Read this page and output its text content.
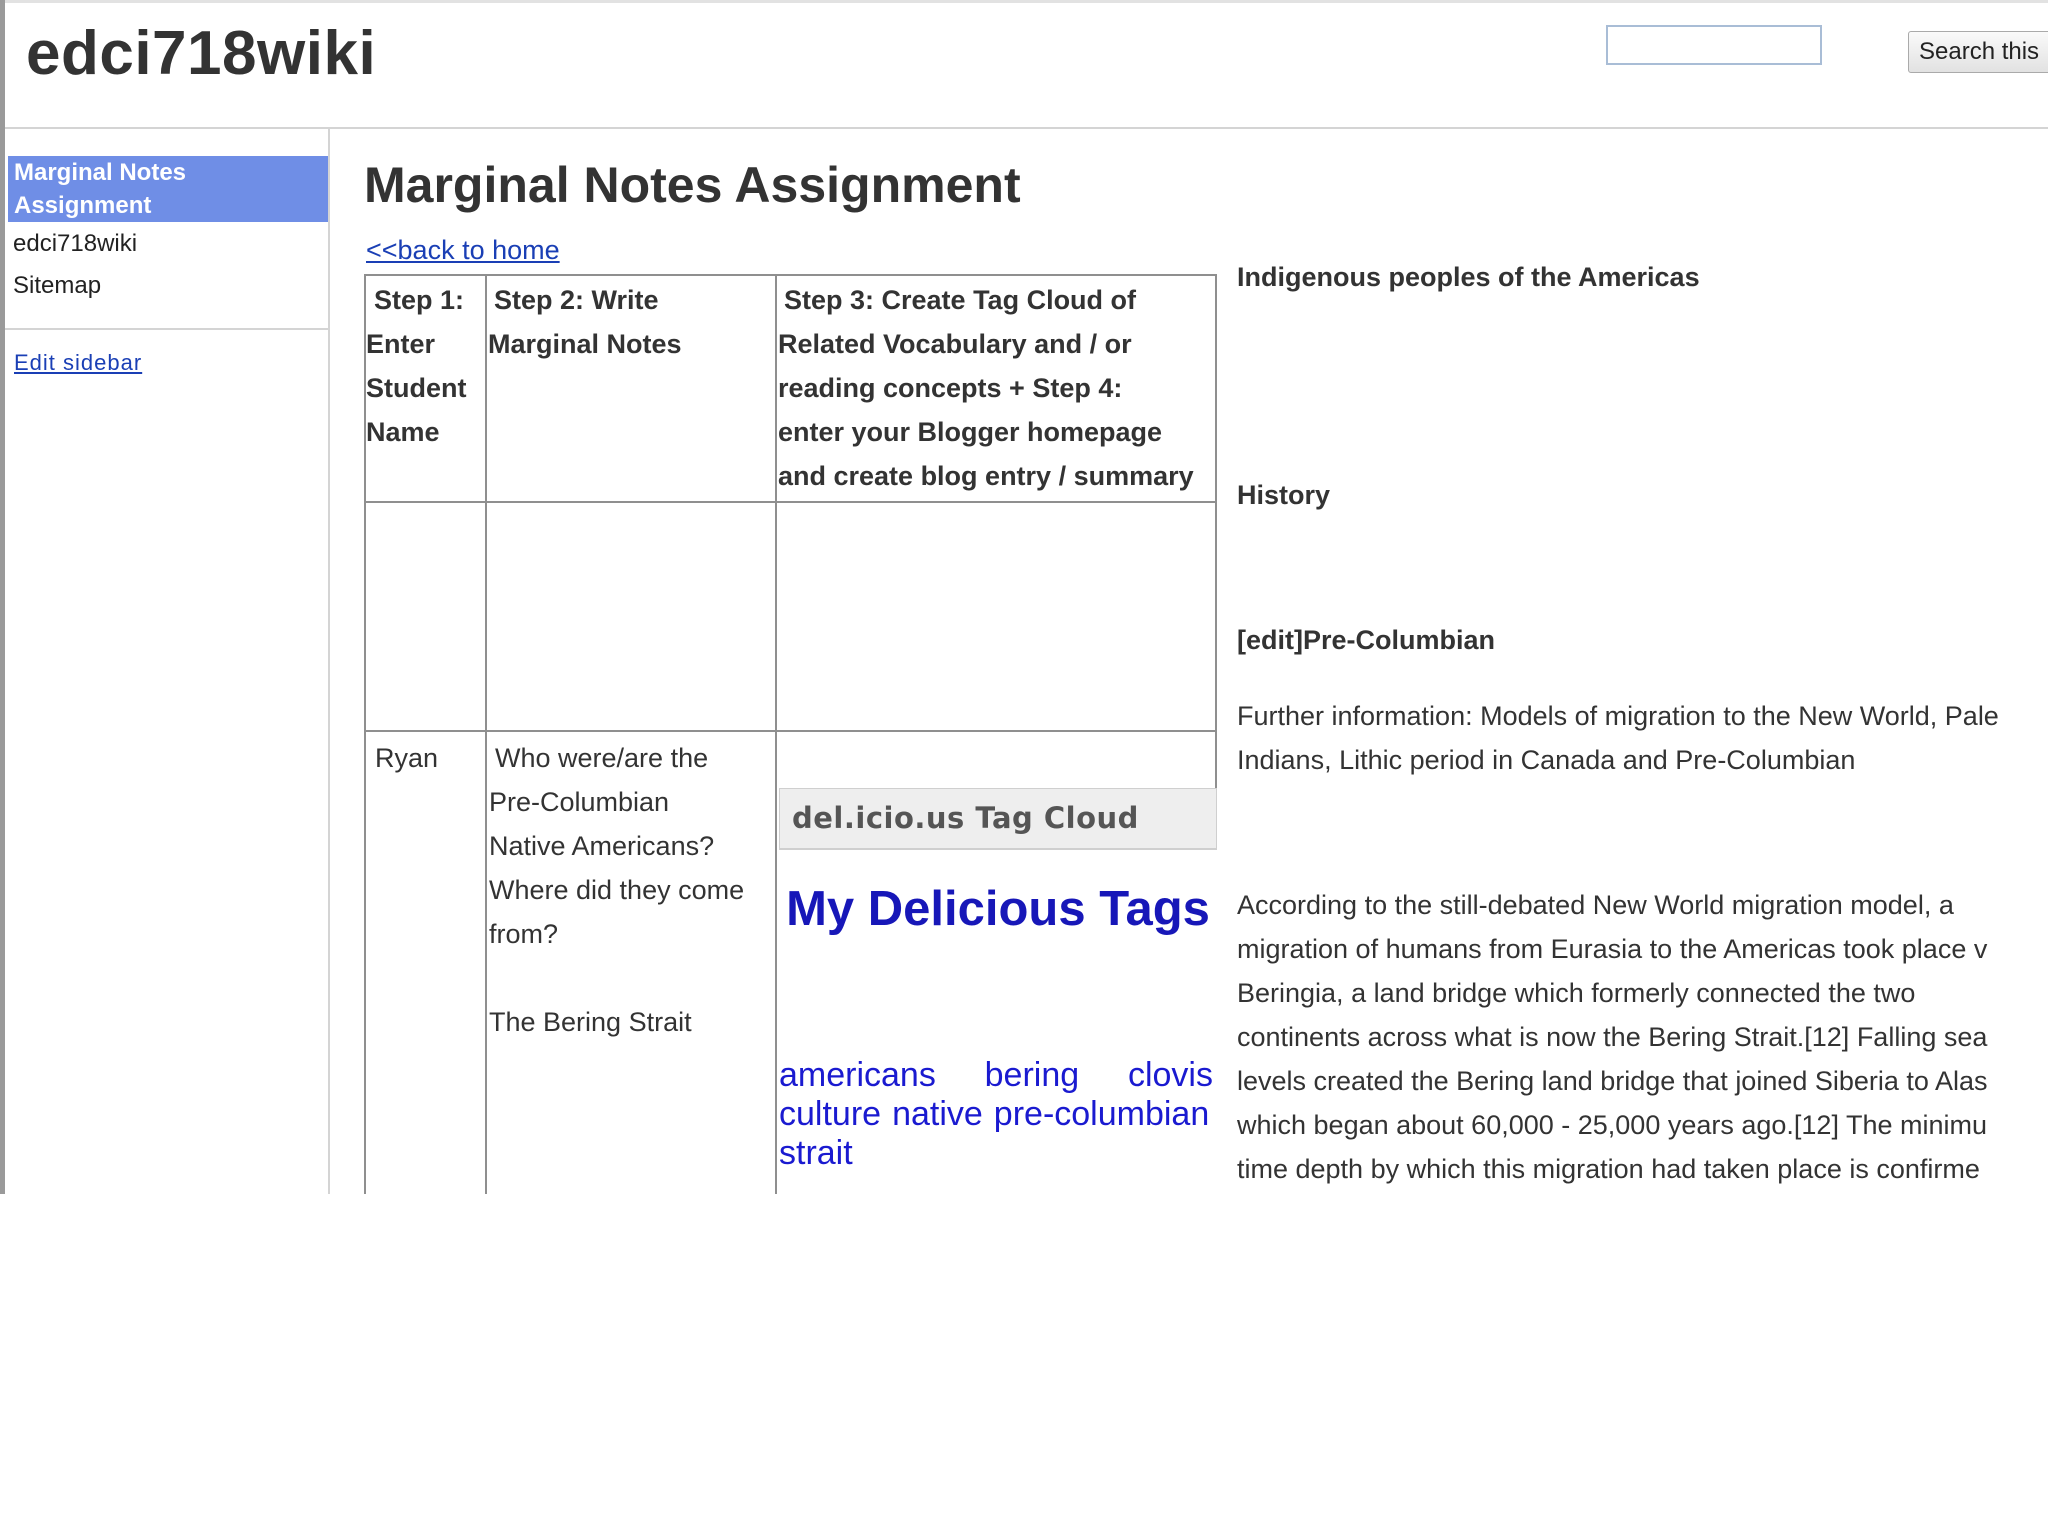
edci718wiki	Search this
Marginal Notes Assignment
edci718wiki
Sitemap
Edit sidebar
Marginal Notes Assignment
<<back to home
Step 1:
Enter
Student
Name
Step 2: Write
Marginal Notes
Step 3: Create Tag Cloud of
Related Vocabulary and / or
reading concepts + Step 4:
enter your Blogger homepage
and create blog entry / summary
Ryan Who were/are the
Pre-Columbian
Native Americans?
Where did they come
from?
The Bering Strait
del.icio.us Tag Cloud
My Delicious Tags
americans bering clovis
culture native pre-columbian
strait
Indigenous peoples of the Americas
History
[edit]Pre-Columbian
Further information: Models of migration to the New World, Pale
Indians, Lithic period in Canada and Pre-Columbian
According to the still-debated New World migration model, a
migration of humans from Eurasia to the Americas took place v
Beringia, a land bridge which formerly connected the two
continents across what is now the Bering Strait.[12] Falling sea
levels created the Bering land bridge that joined Siberia to Alas
which began about 60,000 - 25,000 years ago.[12] The minimu
time depth by which this migration had taken place is confirme
